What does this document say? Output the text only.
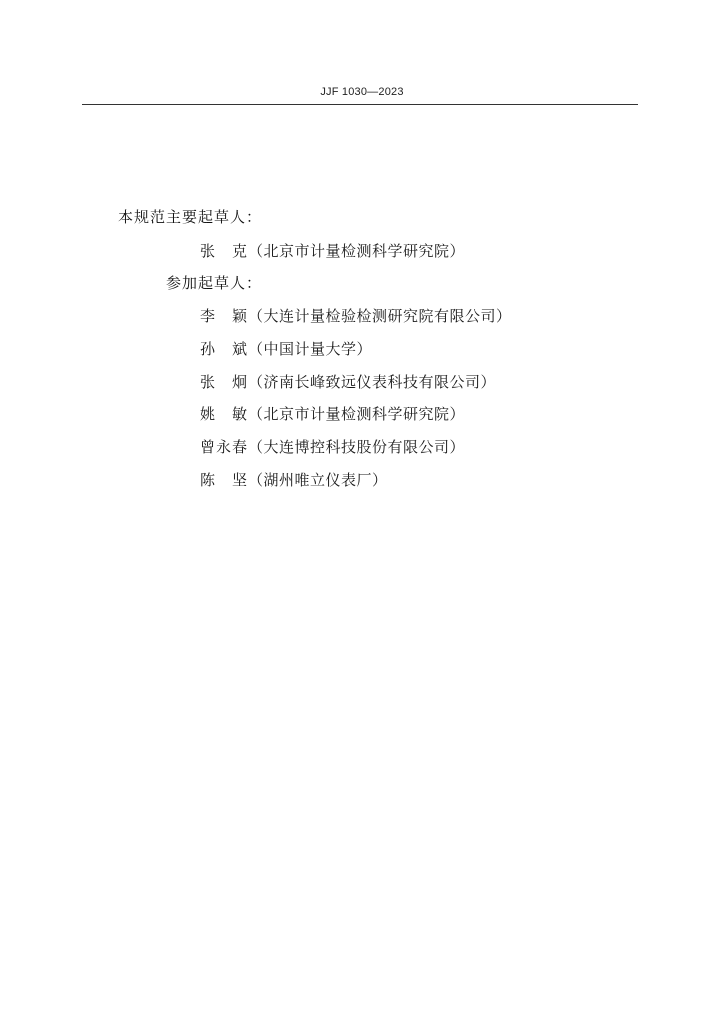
JJF 1030—2023
本规范主要起草人：
张　克 （北京市计量检测科学研究院）
参加起草人：
李　颖 （大连计量检验检测研究院有限公司）
孙　斌 （中国计量大学）
张　炯 （济南长峰致远仪表科技有限公司）
姚　敏 （北京市计量检测科学研究院）
曾永春 （大连博控科技股份有限公司）
陈　坚 （湖州唯立仪表厂）
